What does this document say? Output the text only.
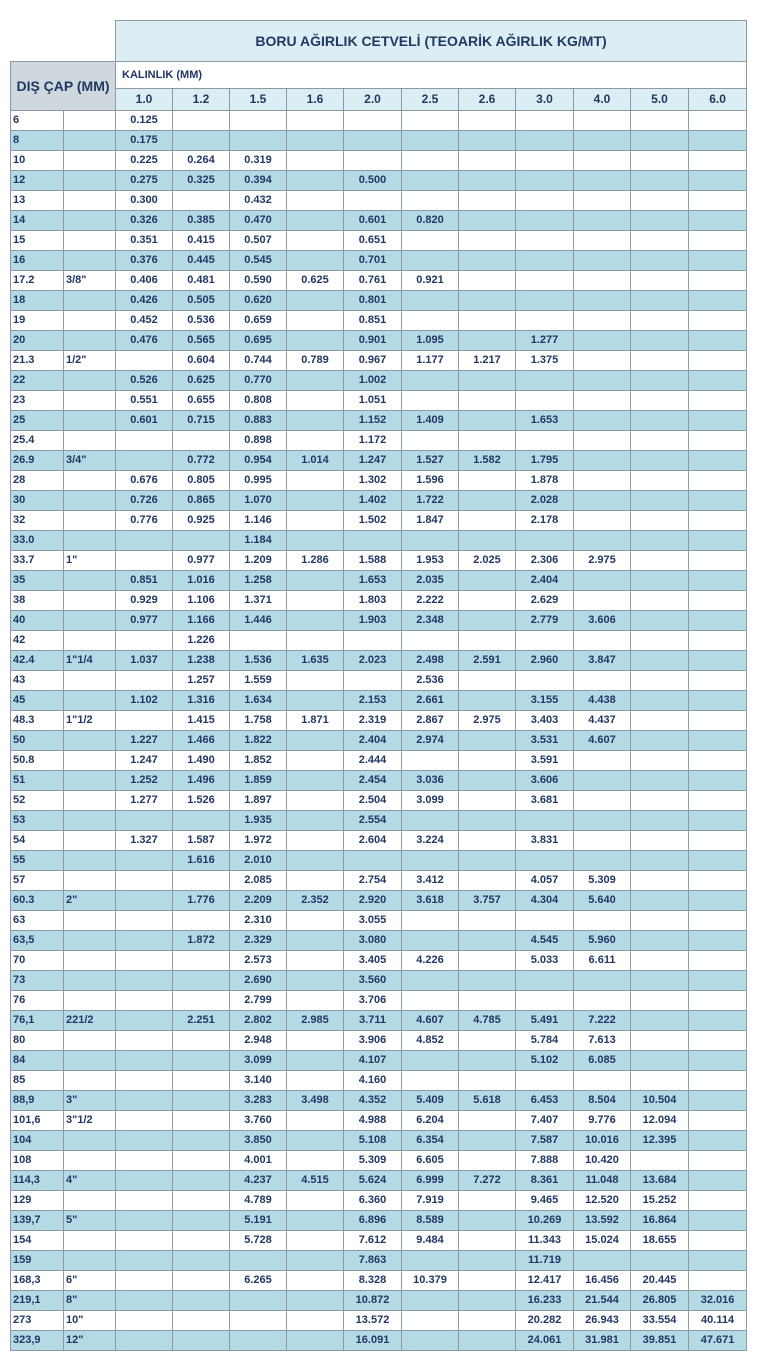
		BORU AĞIRLIK CETVELİ (TEOARİK AĞIRLIK KG/MT)										
DIŞ ÇAP (MM)		KALINLIK (MM)										
		1.0	1.2	1.5	1.6	2.0	2.5	2.6	3.0	4.0	5.0	6.0
6		0.125										
8		0.175										
10		0.225	0.264	0.319								
12		0.275	0.325	0.394		0.500						
13		0.300		0.432								
14		0.326	0.385	0.470		0.601	0.820					
15		0.351	0.415	0.507		0.651						
16		0.376	0.445	0.545		0.701						
17.2	3/8"	0.406	0.481	0.590	0.625	0.761	0.921					
18		0.426	0.505	0.620		0.801						
19		0.452	0.536	0.659		0.851						
20		0.476	0.565	0.695		0.901	1.095		1.277			
21.3	1/2"		0.604	0.744	0.789	0.967	1.177	1.217	1.375			
22		0.526	0.625	0.770		1.002						
23		0.551	0.655	0.808		1.051						
25		0.601	0.715	0.883		1.152	1.409		1.653			
25.4				0.898		1.172						
26.9	3/4"		0.772	0.954	1.014	1.247	1.527	1.582	1.795			
28		0.676	0.805	0.995		1.302	1.596		1.878			
30		0.726	0.865	1.070		1.402	1.722		2.028			
32		0.776	0.925	1.146		1.502	1.847		2.178			
33.0				1.184								
33.7	1"		0.977	1.209	1.286	1.588	1.953	2.025	2.306	2.975		
35		0.851	1.016	1.258		1.653	2.035		2.404			
38		0.929	1.106	1.371		1.803	2.222		2.629			
40		0.977	1.166	1.446		1.903	2.348		2.779	3.606		
42			1.226									
42.4	1"1/4	1.037	1.238	1.536	1.635	2.023	2.498	2.591	2.960	3.847		
43			1.257	1.559			2.536					
45		1.102	1.316	1.634		2.153	2.661		3.155	4.438		
48.3	1"1/2		1.415	1.758	1.871	2.319	2.867	2.975	3.403	4.437		
50		1.227	1.466	1.822		2.404	2.974		3.531	4.607		
50.8		1.247	1.490	1.852		2.444			3.591			
51		1.252	1.496	1.859		2.454	3.036		3.606			
52		1.277	1.526	1.897		2.504	3.099		3.681			
53				1.935		2.554						
54		1.327	1.587	1.972		2.604	3.224		3.831			
55			1.616	2.010								
57				2.085		2.754	3.412		4.057	5.309		
60.3	2"		1.776	2.209	2.352	2.920	3.618	3.757	4.304	5.640		
63				2.310		3.055						
63,5			1.872	2.329		3.080			4.545	5.960		
70				2.573		3.405	4.226		5.033	6.611		
73				2.690		3.560						
76				2.799		3.706						
76,1	221/2		2.251	2.802	2.985	3.711	4.607	4.785	5.491	7.222		
80				2.948		3.906	4.852		5.784	7.613		
84				3.099		4.107			5.102	6.085		
85				3.140		4.160						
88,9	3"			3.283	3.498	4.352	5.409	5.618	6.453	8.504	10.504	
101,6	3"1/2			3.760		4.988	6.204		7.407	9.776	12.094	
104				3.850		5.108	6.354		7.587	10.016	12.395	
108				4.001		5.309	6.605		7.888	10.420		
114,3	4"			4.237	4.515	5.624	6.999	7.272	8.361	11.048	13.684	
129				4.789		6.360	7.919		9.465	12.520	15.252	
139,7	5"			5.191		6.896	8.589		10.269	13.592	16.864	
154				5.728		7.612	9.484		11.343	15.024	18.655	
159						7.863			11.719			
168,3	6"			6.265		8.328	10.379		12.417	16.456	20.445	
219,1	8"					10.872			16.233	21.544	26.805	32.016
273	10"					13.572			20.282	26.943	33.554	40.114
323,9	12"					16.091			24.061	31.981	39.851	47.671
